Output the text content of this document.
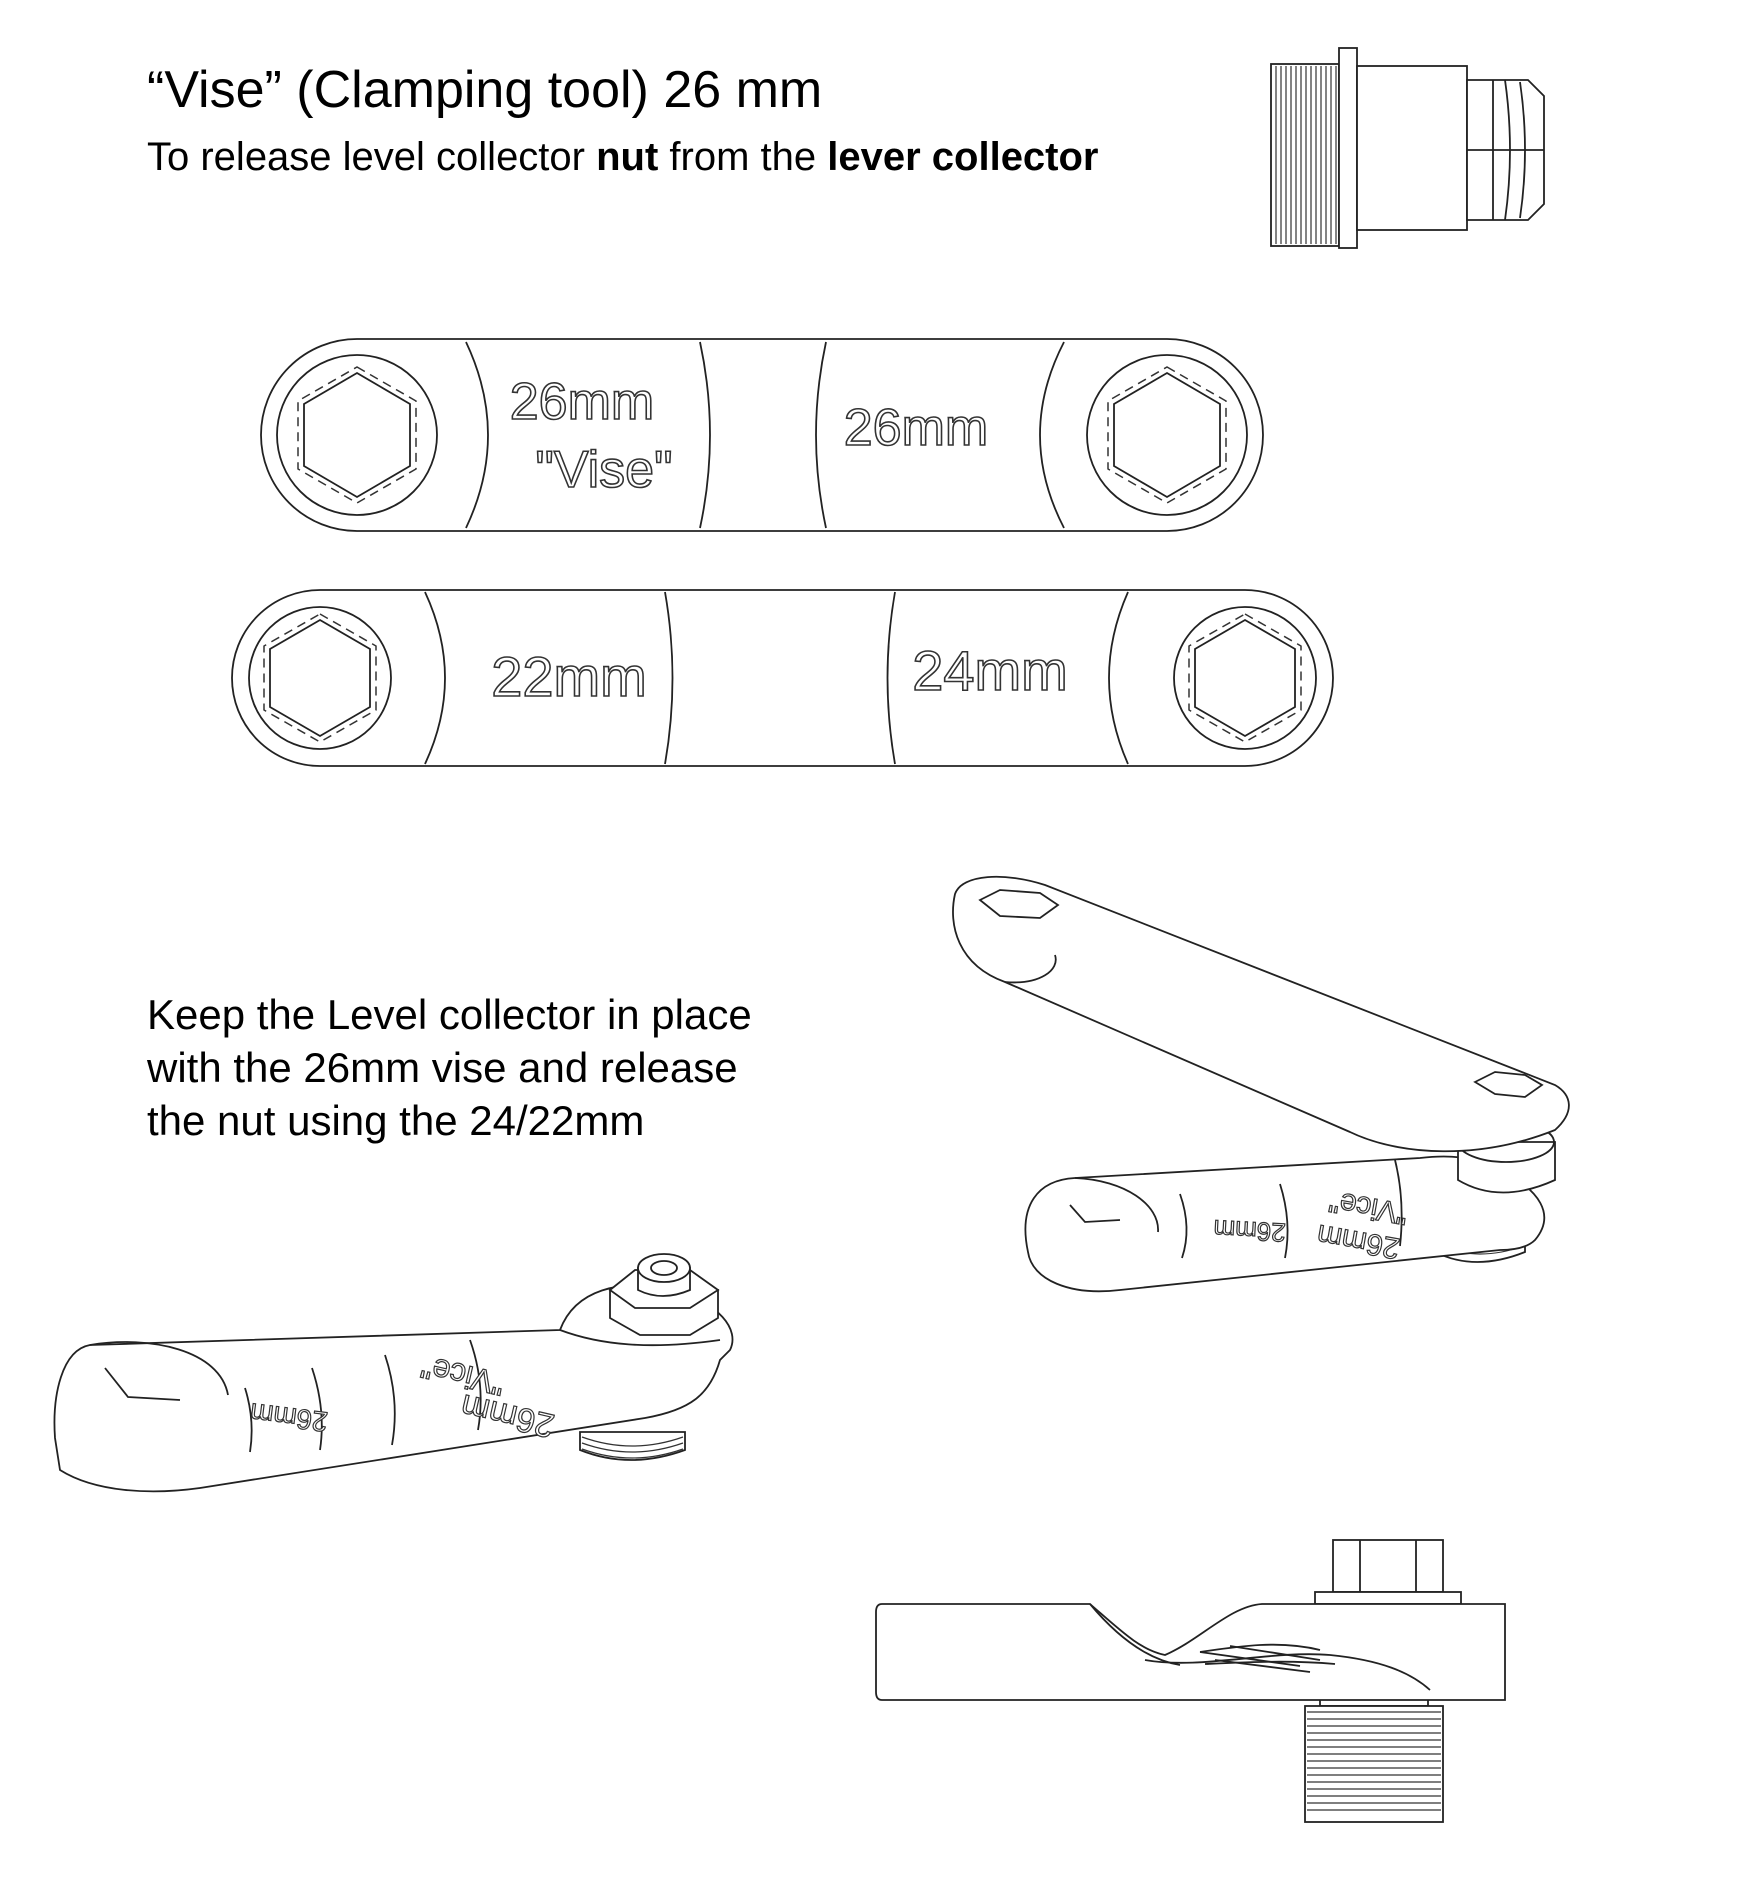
“Vise” (Clamping tool) 26 mm
To release level collector nut from the lever collector
Keep the Level collector in place
with the 26mm vise and release
the nut using the 24/22mm
26mm
"Vise"
26mm
22mm	24mm
26mm
"Vice"
26mm
26mm
"Vice"
26mm
